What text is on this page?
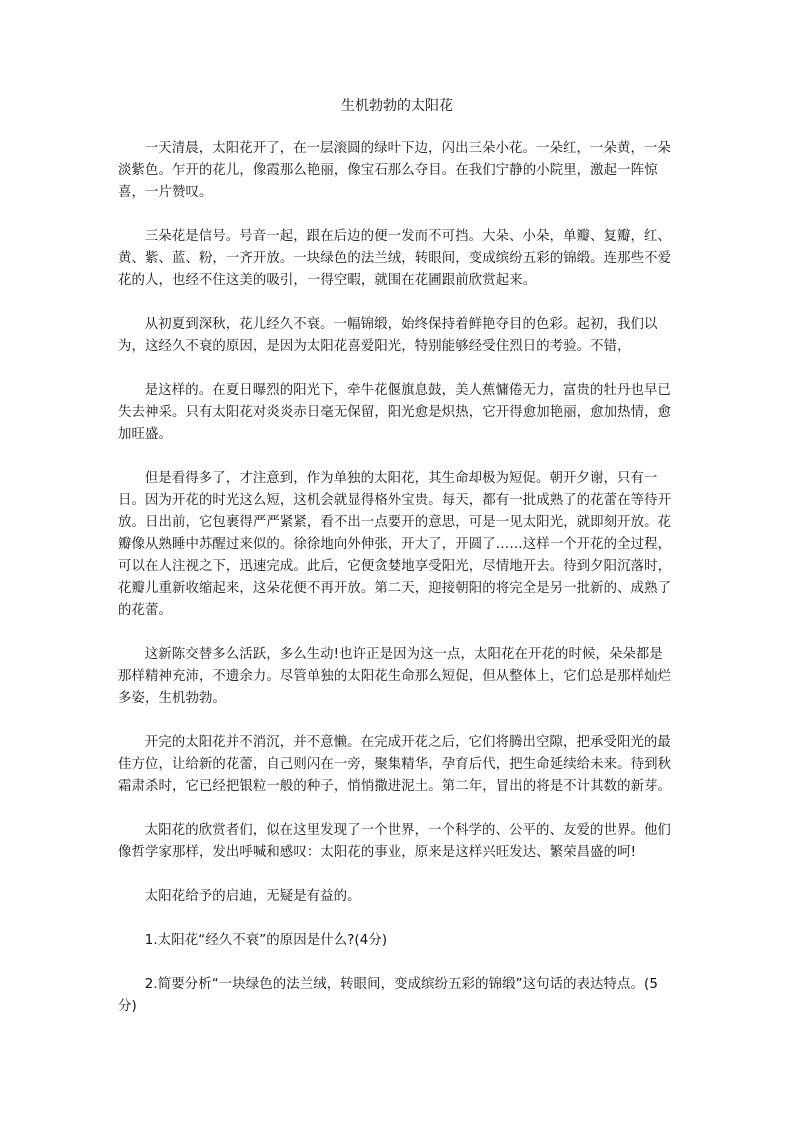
生机勃勃的太阳花

一天清晨，太阳花开了，在一层滚圆的绿叶下边，闪出三朵小花。一朵红，一朵黄，一朵淡紫色。乍开的花儿，像霞那么艳丽，像宝石那么夺目。在我们宁静的小院里，激起一阵惊喜，一片赞叹。

三朵花是信号。号音一起，跟在后边的便一发而不可挡。大朵、小朵，单瓣、复瓣，红、黄、紫、蓝、粉，一齐开放。一块绿色的法兰绒，转眼间，变成缤纷五彩的锦缎。连那些不爱花的人，也经不住这美的吸引，一得空暇，就围在花圃跟前欣赏起来。

从初夏到深秋，花儿经久不衰。一幅锦缎，始终保持着鲜艳夺目的色彩。起初，我们以为，这经久不衰的原因，是因为太阳花喜爱阳光，特别能够经受住烈日的考验。不错，

是这样的。在夏日曝烈的阳光下，牵牛花偃旗息鼓，美人蕉慵倦无力，富贵的牡丹也早已失去神采。只有太阳花对炎炎赤日毫无保留，阳光愈是炽热，它开得愈加艳丽，愈加热情，愈加旺盛。

但是看得多了，才注意到，作为单独的太阳花，其生命却极为短促。朝开夕谢，只有一日。因为开花的时光这么短，这机会就显得格外宝贵。每天，都有一批成熟了的花蕾在等待开放。日出前，它包裹得严严紧紧，看不出一点要开的意思，可是一见太阳光，就即刻开放。花瓣像从熟睡中苏醒过来似的。徐徐地向外伸张，开大了，开圆了……这样一个开花的全过程，可以在人注视之下，迅速完成。此后，它便贪婪地享受阳光，尽情地开去。待到夕阳沉落时，花瓣儿重新收缩起来，这朵花便不再开放。第二天，迎接朝阳的将完全是另一批新的、成熟了的花蕾。

这新陈交替多么活跃，多么生动!也许正是因为这一点，太阳花在开花的时候，朵朵都是那样精神充沛，不遗余力。尽管单独的太阳花生命那么短促，但从整体上，它们总是那样灿烂多姿，生机勃勃。

开完的太阳花并不消沉，并不意懒。在完成开花之后，它们将腾出空隙，把承受阳光的最佳方位，让给新的花蕾，自己则闪在一旁，聚集精华，孕育后代，把生命延续给未来。待到秋霜肃杀时，它已经把银粒一般的种子，悄悄撒进泥土。第二年，冒出的将是不计其数的新芽。

太阳花的欣赏者们，似在这里发现了一个世界，一个科学的、公平的、友爱的世界。他们像哲学家那样，发出呼喊和感叹：太阳花的事业，原来是这样兴旺发达、繁荣昌盛的呵!

太阳花给予的启迪，无疑是有益的。

1.太阳花“经久不衰”的原因是什么?(4分)

2.简要分析“一块绿色的法兰绒，转眼间，变成缤纷五彩的锦缎”这句话的表达特点。(5分)
